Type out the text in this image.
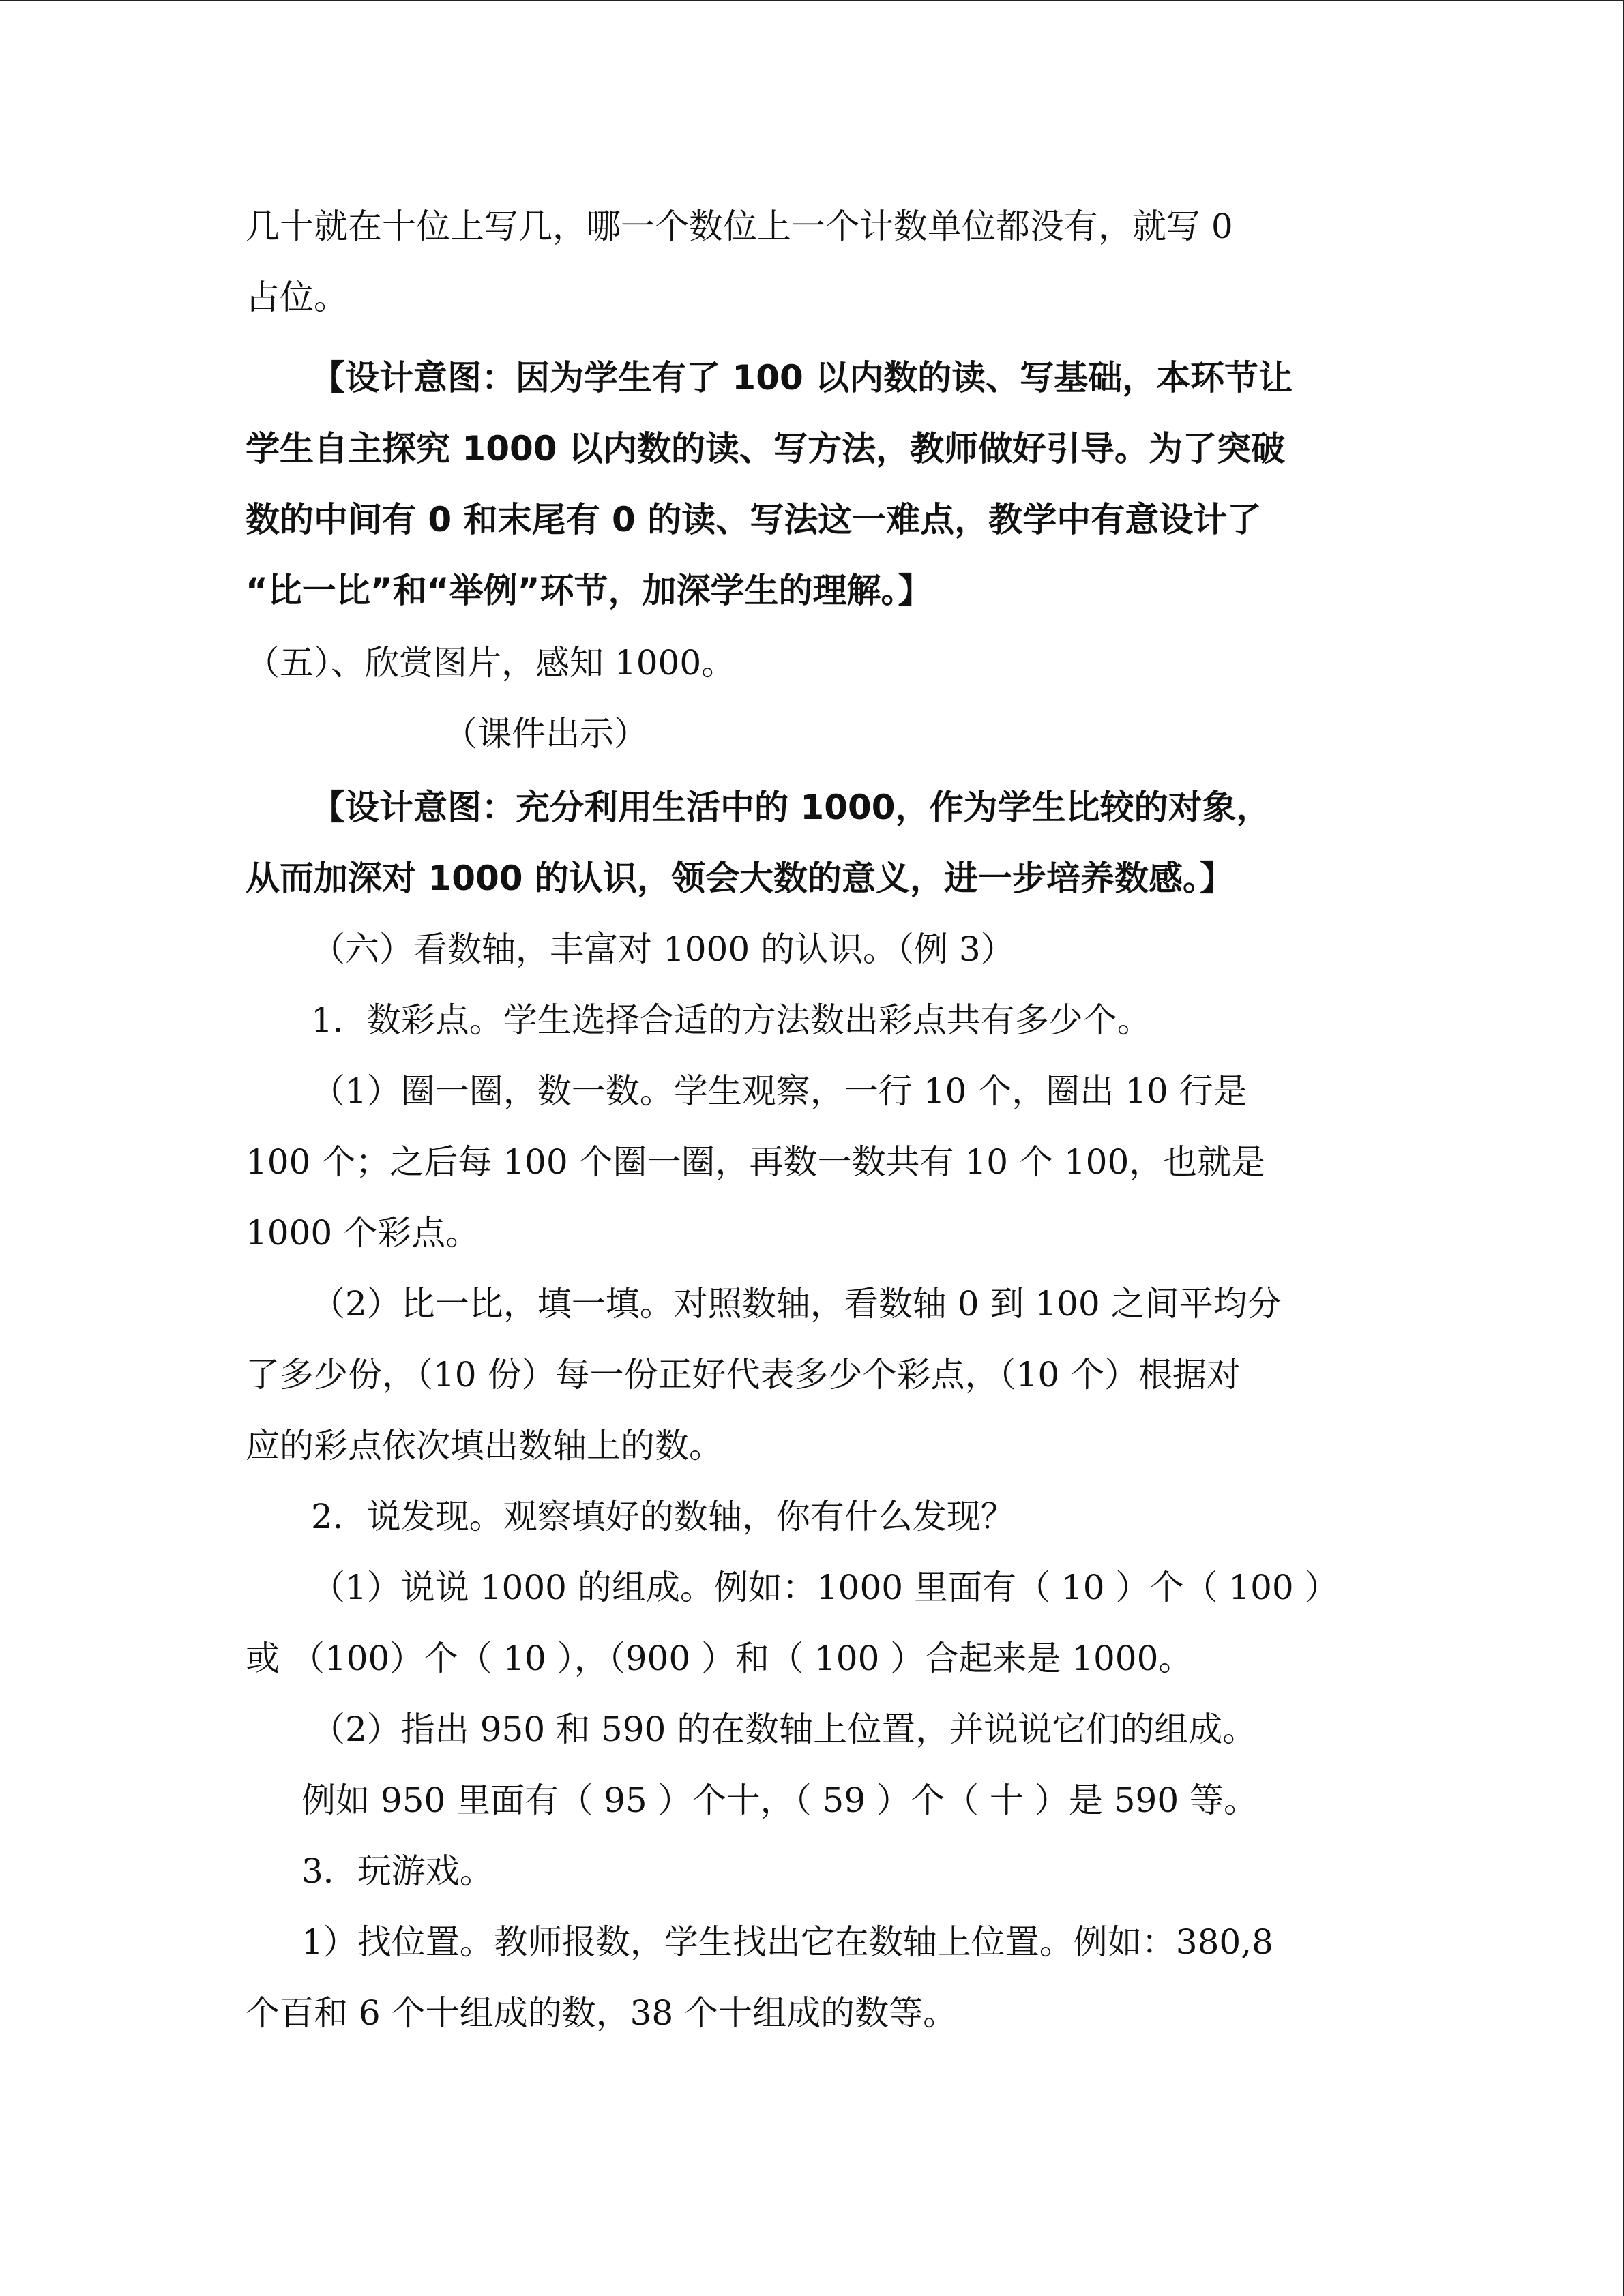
几十就在十位上写几，哪一个数位上一个计数单位都没有，就写 0
占位。
【设计意图：因为学生有了 100 以内数的读、写基础，本环节让
学生自主探究 1000 以内数的读、写方法，教师做好引导。为了突破
数的中间有 0 和末尾有 0 的读、写法这一难点，教学中有意设计了
“比一比”和“举例”环节，加深学生的理解。】
（五）、欣赏图片，感知 1000。
（课件出示）
【设计意图：充分利用生活中的 1000，作为学生比较的对象，
从而加深对 1000 的认识，领会大数的意义，进一步培养数感。】
（六）看数轴，丰富对 1000 的认识。（例 3）
1．数彩点。学生选择合适的方法数出彩点共有多少个。
（1）圈一圈，数一数。学生观察，一行 10 个，圈出 10 行是
100 个；之后每 100 个圈一圈，再数一数共有 10 个 100，也就是
1000 个彩点。
（2）比一比，填一填。对照数轴，看数轴 0 到 100 之间平均分
了多少份，（10 份）每一份正好代表多少个彩点，（10 个）根据对
应的彩点依次填出数轴上的数。
2．说发现。观察填好的数轴，你有什么发现？
（1）说说 1000 的组成。例如：1000 里面有（ 10 ）个（ 100 ）
或 （100）个（ 10 ），（900 ）和（ 100 ）合起来是 1000。
（2）指出 950 和 590 的在数轴上位置，并说说它们的组成。
例如 950 里面有（ 95 ）个十，（ 59 ）个（ 十 ）是 590 等。
3．玩游戏。
1）找位置。教师报数，学生找出它在数轴上位置。例如：380,8
个百和 6 个十组成的数，38 个十组成的数等。
